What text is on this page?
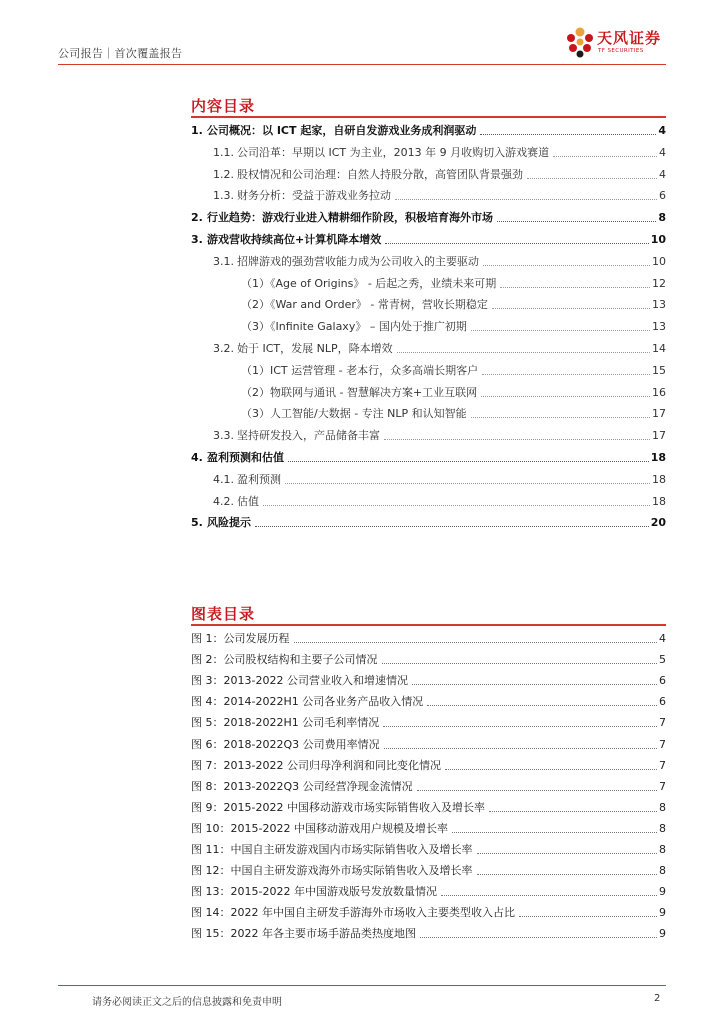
公司报告｜首次覆盖报告
天风证券
TF SECURITIES
内容目录
1. 公司概况：以 ICT 起家，自研自发游戏业务成利润驱动	4
1.1. 公司沿革：早期以 ICT 为主业，2013 年 9 月收购切入游戏赛道	4
1.2. 股权情况和公司治理：自然人持股分散，高管团队背景强劲	4
1.3. 财务分析：受益于游戏业务拉动	6
2. 行业趋势：游戏行业进入精耕细作阶段，积极培育海外市场	8
3. 游戏营收持续高位+计算机降本增效	10
3.1. 招牌游戏的强劲营收能力成为公司收入的主要驱动	10
（1）《Age of Origins》 - 后起之秀，业绩未来可期	12
（2）《War and Order》 - 常青树，营收长期稳定	13
（3）《Infinite Galaxy》 – 国内处于推广初期	13
3.2. 始于 ICT，发展 NLP，降本增效	14
（1）ICT 运营管理 - 老本行，众多高端长期客户	15
（2）物联网与通讯 - 智慧解决方案+工业互联网	16
（3）人工智能/大数据 - 专注 NLP 和认知智能	17
3.3. 坚持研发投入，产品储备丰富	17
4. 盈利预测和估值	18
4.1. 盈利预测	18
4.2. 估值	18
5. 风险提示	20
图表目录
图 1：公司发展历程	4
图 2：公司股权结构和主要子公司情况	5
图 3：2013-2022 公司营业收入和增速情况	6
图 4：2014-2022H1 公司各业务产品收入情况	6
图 5：2018-2022H1 公司毛利率情况	7
图 6：2018-2022Q3 公司费用率情况	7
图 7：2013-2022 公司归母净利润和同比变化情况	7
图 8：2013-2022Q3 公司经营净现金流情况	7
图 9：2015-2022 中国移动游戏市场实际销售收入及增长率	8
图 10：2015-2022 中国移动游戏用户规模及增长率	8
图 11：中国自主研发游戏国内市场实际销售收入及增长率	8
图 12：中国自主研发游戏海外市场实际销售收入及增长率	8
图 13：2015-2022 年中国游戏版号发放数量情况	9
图 14：2022 年中国自主研发手游海外市场收入主要类型收入占比	9
图 15：2022 年各主要市场手游品类热度地图	9
请务必阅读正文之后的信息披露和免责申明	2
